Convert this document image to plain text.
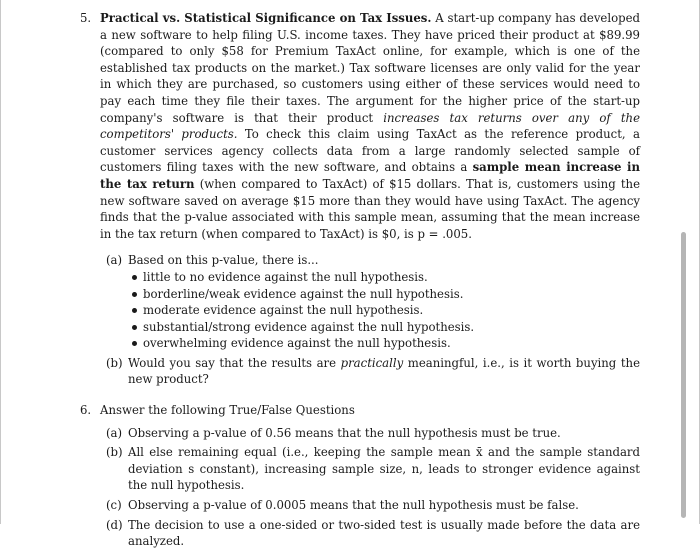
5. Practical vs. Statistical Significance on Tax Issues. A start-up company has developed a new software to help filing U.S. income taxes. They have priced their product at $89.99 (compared to only $58 for Premium TaxAct online, for example, which is one of the established tax products on the market.) Tax software licenses are only valid for the year in which they are purchased, so customers using either of these services would need to pay each time they file their taxes. The argument for the higher price of the start-up company's software is that their product increases tax returns over any of the competitors' products. To check this claim using TaxAct as the reference product, a customer services agency collects data from a large randomly selected sample of customers filing taxes with the new software, and obtains a sample mean increase in the tax return (when compared to TaxAct) of $15 dollars. That is, customers using the new software saved on average $15 more than they would have using TaxAct. The agency finds that the p-value associated with this sample mean, assuming that the mean increase in the tax return (when compared to TaxAct) is $0, is p = .005.
(a) Based on this p-value, there is...
little to no evidence against the null hypothesis.
borderline/weak evidence against the null hypothesis.
moderate evidence against the null hypothesis.
substantial/strong evidence against the null hypothesis.
overwhelming evidence against the null hypothesis.
(b) Would you say that the results are practically meaningful, i.e., is it worth buying the new product?
6. Answer the following True/False Questions
(a) Observing a p-value of 0.56 means that the null hypothesis must be true.
(b) All else remaining equal (i.e., keeping the sample mean x̄ and the sample standard deviation s constant), increasing sample size, n, leads to stronger evidence against the null hypothesis.
(c) Observing a p-value of 0.0005 means that the null hypothesis must be false.
(d) The decision to use a one-sided or two-sided test is usually made before the data are analyzed.
